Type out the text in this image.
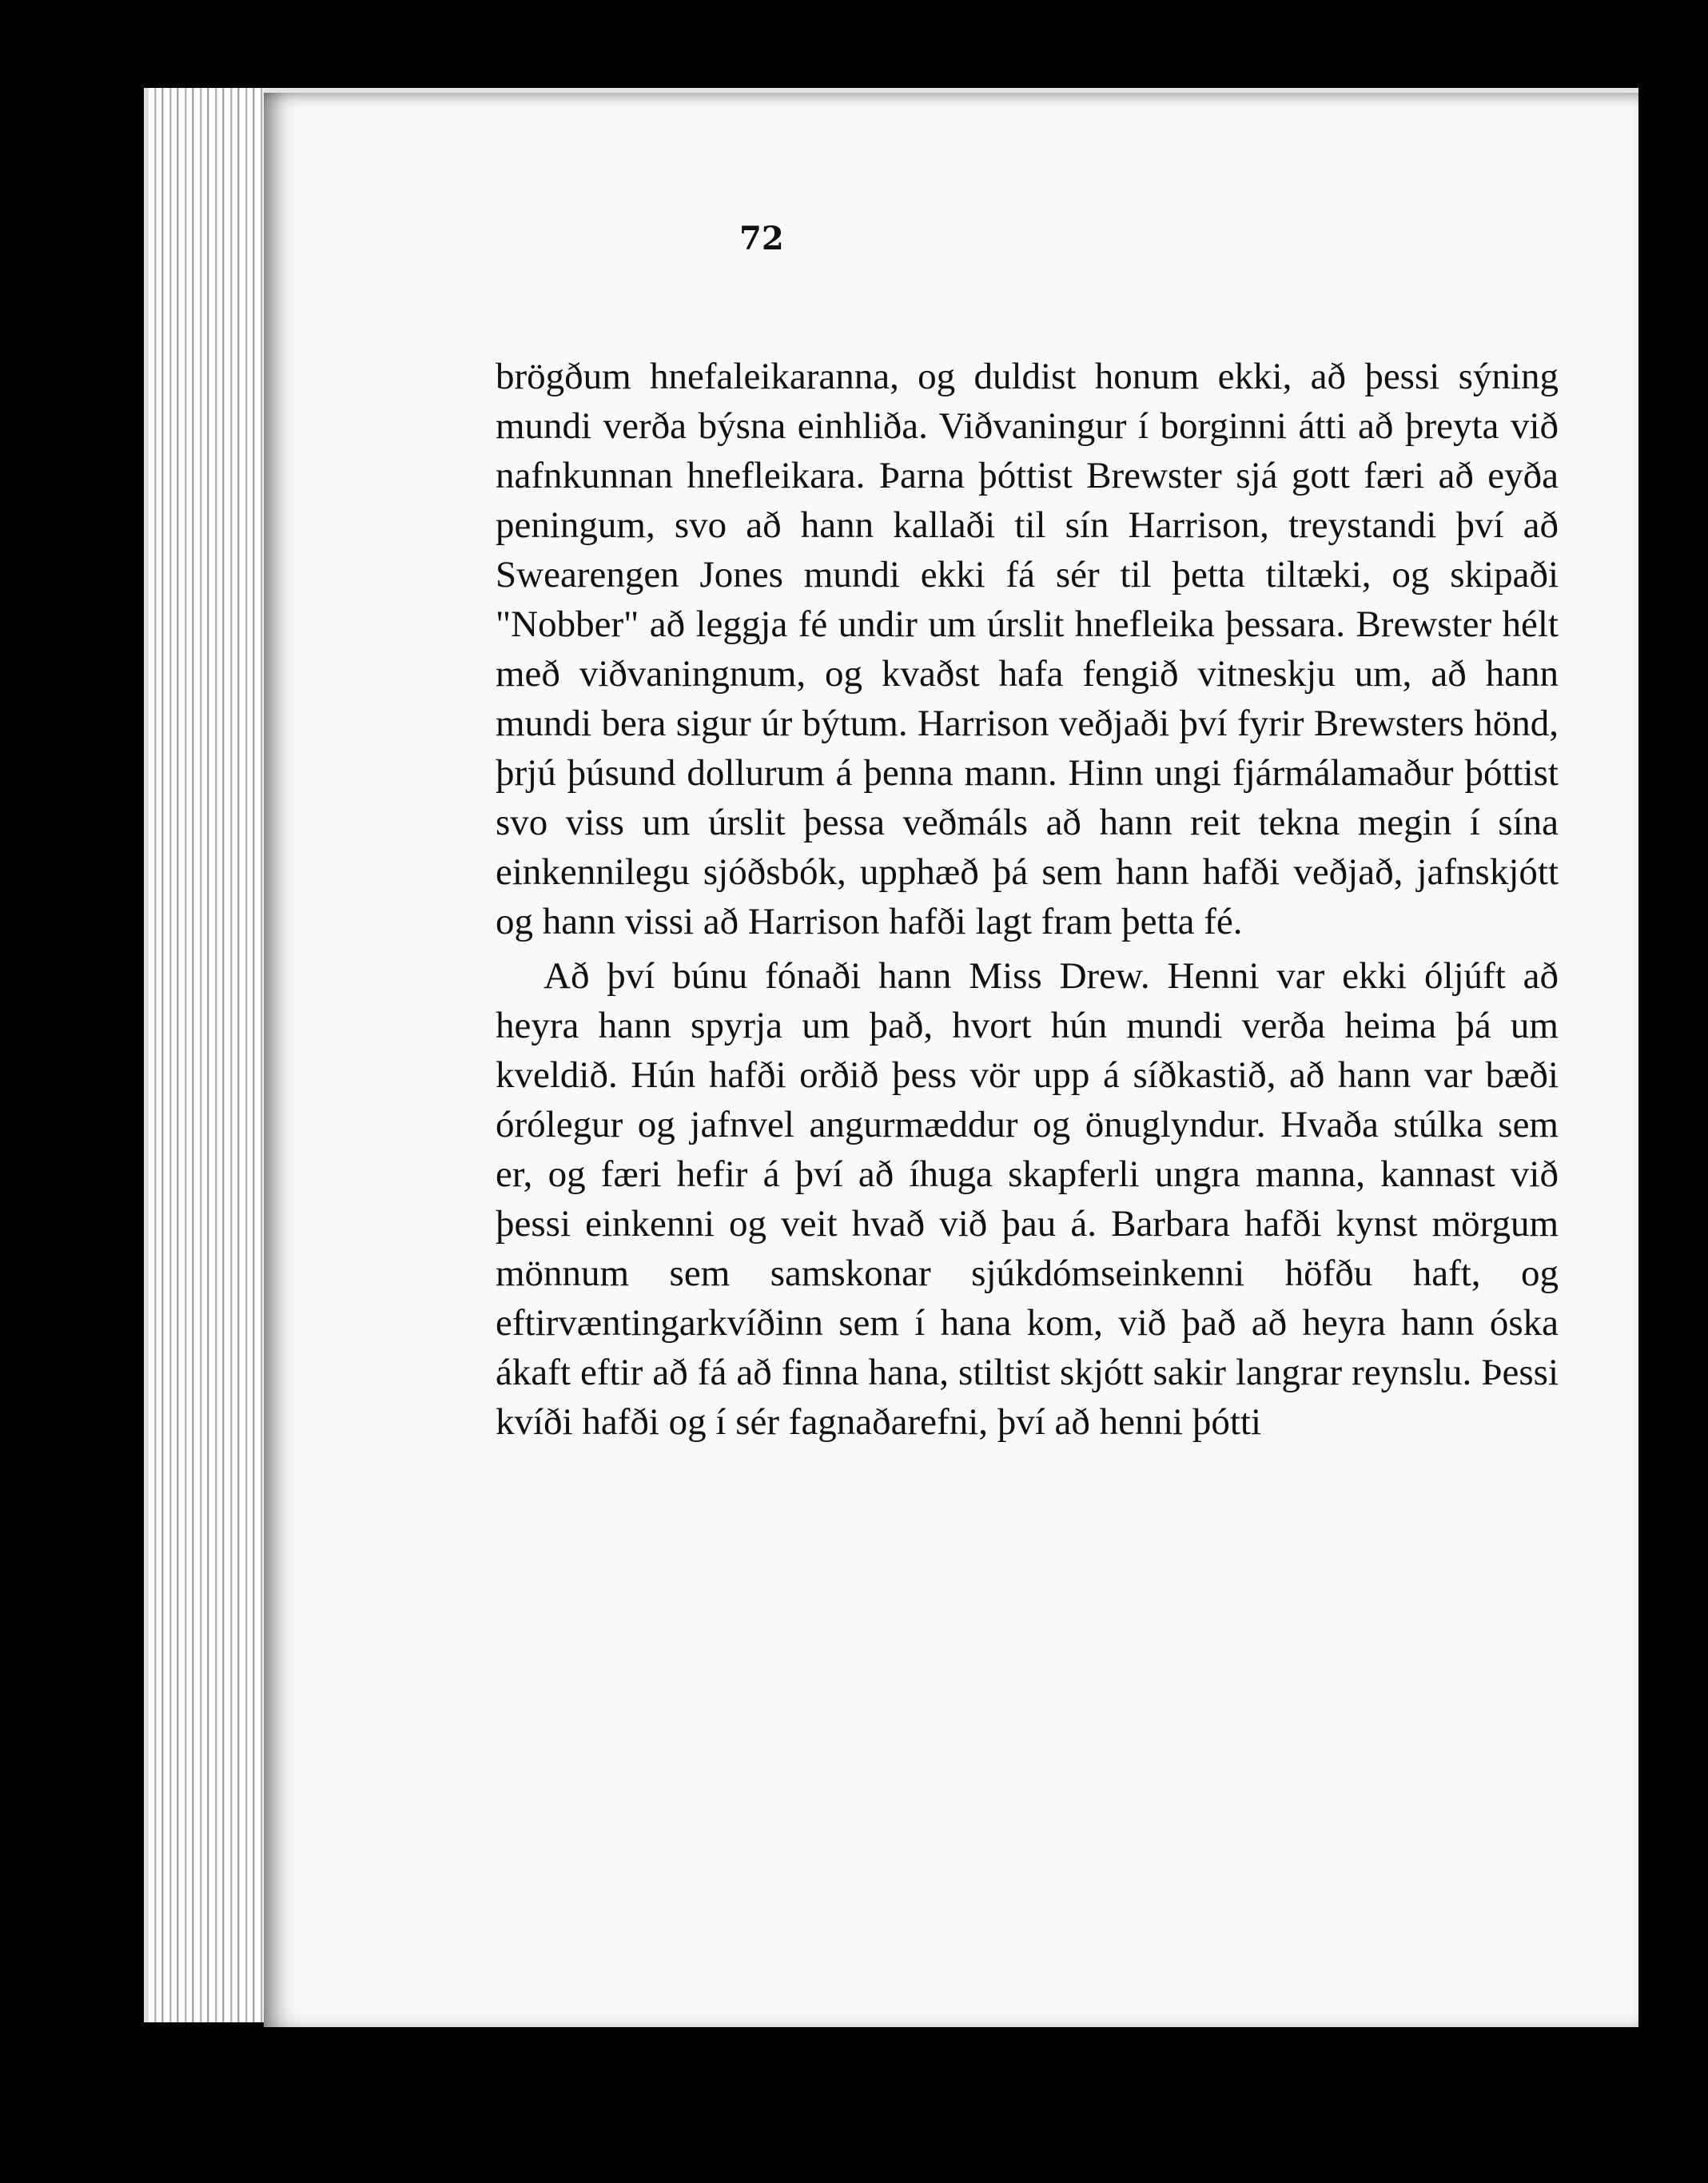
72

brögðum hnefaleikaranna, og duldist honum ekki, að þessi sýning mundi verða býsna einhliða. Viðvaningur í borginni átti að þreyta við nafnkunnan hnefleikara. Þarna þóttist Brewster sjá gott færi að eyða peningum, svo að hann kallaði til sín Harrison, treystandi því að Swearengen Jones mundi ekki fá sér til þetta tiltæki, og skipaði "Nobber" að leggja fé undir um úrslit hnefleika þessara. Brewster hélt með viðvaningnum, og kvaðst hafa fengið vitneskju um, að hann mundi bera sigur úr býtum. Harrison veðjaði því fyrir Brewsters hönd, þrjú þúsund dollurum á þenna mann. Hinn ungi fjármálamaður þóttist svo viss um úrslit þessa veðmáls að hann reit tekna megin í sína einkennilegu sjóðsbók, upphæð þá sem hann hafði veðjað, jafnskjótt og hann vissi að Harrison hafði lagt fram þetta fé.

Að því búnu fónaði hann Miss Drew. Henni var ekki óljúft að heyra hann spyrja um það, hvort hún mundi verða heima þá um kveldið. Hún hafði orðið þess vör upp á síðkastið, að hann var bæði órólegur og jafnvel angurmæddur og önuglyndur. Hvaða stúlka sem er, og færi hefir á því að íhuga skapferli ungra manna, kannast við þessi einkenni og veit hvað við þau á. Barbara hafði kynst mörgum mönnum sem samskonar sjúkdómseinkenni höfðu haft, og eftirvæntingarkvíðinn sem í hana kom, við það að heyra hann óska ákaft eftir að fá að finna hana, stiltist skjótt sakir langrar reynslu. Þessi kvíði hafði og í sér fagnaðarefni, því að henni þótti
